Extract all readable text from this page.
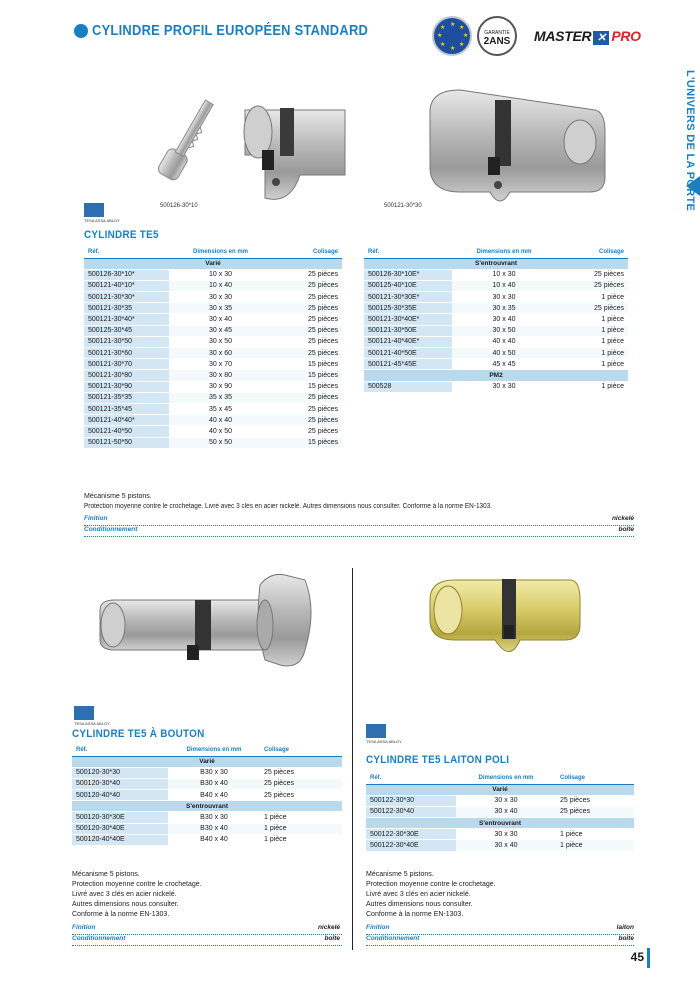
CYLINDRE PROFIL EUROPÉEN STANDARD	★ ★
★
★
★
★
★
★
GARANTIE
2ANS	MASTER ✕ PRO
L'UNIVERS DE LA PORTE
45
500126-30*10	500121-30*30
TESA ASSA ABLOY
CYLINDRE TE5
Réf.	Dimensions en mm	Colisage
Varié		
500126-30*10*	10 x 30	25 pièces
500121-40*10*	10 x 40	25 pièces
500121-30*30*	30 x 30	25 pièces
500121-30*35	30 x 35	25 pièces
500121-30*40*	30 x 40	25 pièces
500125-30*45	30 x 45	25 pièces
500121-30*50	30 x 50	25 pièces
500121-30*60	30 x 60	25 pièces
500121-30*70	30 x 70	15 pièces
500121-30*80	30 x 80	15 pièces
500121-30*90	30 x 90	15 pièces
500121-35*35	35 x 35	25 pièces
500121-35*45	35 x 45	25 pièces
500121-40*40*	40 x 40	25 pièces
500121-40*50	40 x 50	25 pièces
500121-50*50	50 x 50	15 pièces
Réf.	Dimensions en mm	Colisage
S'entrouvrant		
500126-30*10E*	10 x 30	25 pièces
500125-40*10E	10 x 40	25 pièces
500121-30*30E*	30 x 30	1 pièce
500125-30*35E	30 x 35	25 pièces
500121-30*40E*	30 x 40	1 pièce
500121-30*50E	30 x 50	1 pièce
500121-40*40E*	40 x 40	1 pièce
500121-40*50E	40 x 50	1 pièce
500121-45*45E	45 x 45	1 pièce
PM2		
500528	30 x 30	1 pièce
Mécanisme 5 pistons.
Protection moyenne contre le crochetage. Livré avec 3 clés en acier nickelé. Autres dimensions nous consulter. Conforme à la norme EN-1303.
Finition	nickelé
Conditionnement	boîte
TESA ASSA ABLOY
CYLINDRE TE5 À BOUTON
Réf.	Dimensions en mm	Colisage
Varié		
500120-30*30	B30 x 30	25 pièces
500120-30*40	B30 x 40	25 pièces
500120-40*40	B40 x 40	25 pièces
S'entrouvrant		
500120-30*30E	B30 x 30	1 pièce
500120-30*40E	B30 x 40	1 pièce
500120-40*40E	B40 x 40	1 pièce
Mécanisme 5 pistons.
Protection moyenne contre le crochetage.
Livré avec 3 clés en acier nickelé.
Autres dimensions nous consulter.
Conforme à la norme EN-1303.
Finition	nickelé
Conditionnement	boîte
TESA ASSA ABLOY
CYLINDRE TE5 LAITON POLI
Réf.	Dimensions en mm	Colisage
Varié		
500122-30*30	30 x 30	25 pièces
500122-30*40	30 x 40	25 pièces
S'entrouvrant		
500122-30*30E	30 x 30	1 pièce
500122-30*40E	30 x 40	1 pièce
Mécanisme 5 pistons.
Protection moyenne contre le crochetage.
Livré avec 3 clés en acier nickelé.
Autres dimensions nous consulter.
Conforme à la norme EN-1303.
Finition	laiton
Conditionnement	boîte
